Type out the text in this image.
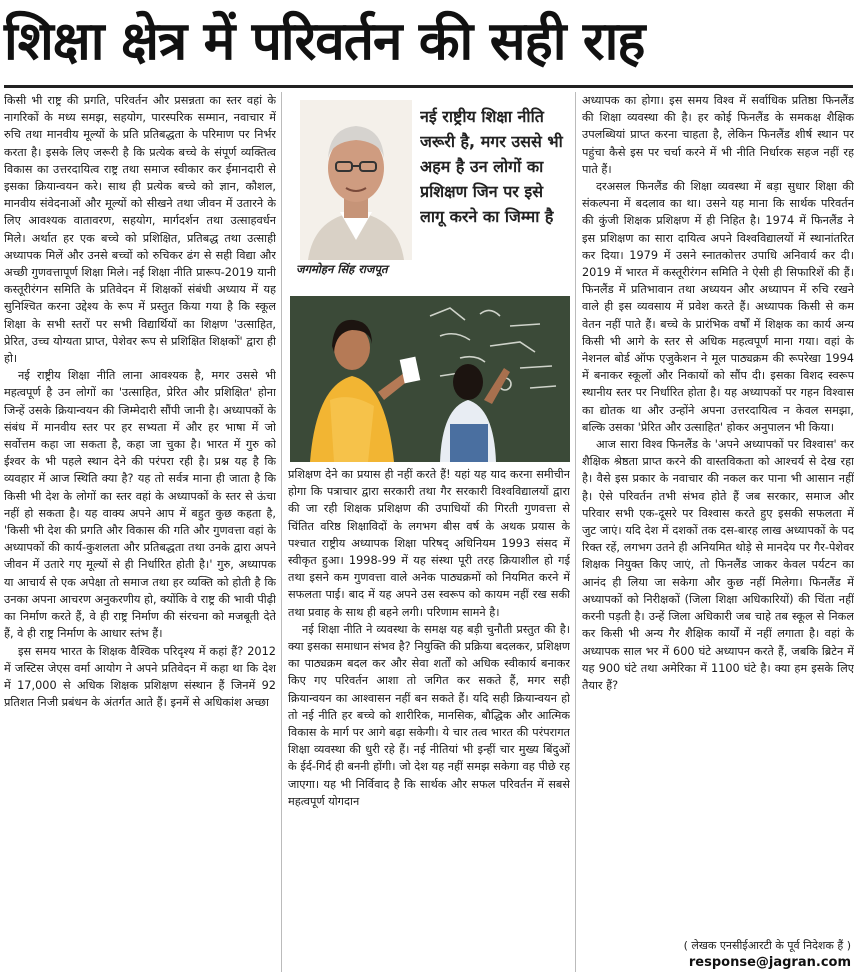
शिक्षा क्षेत्र में परिवर्तन की सही राह

किसी भी राष्ट्र की प्रगति, परिवर्तन और प्रसन्नता का स्तर वहां के नागरिकों के मध्य समझ, सहयोग, पारस्परिक सम्मान, नवाचार में रुचि तथा मानवीय मूल्यों के प्रति प्रतिबद्धता के परिमाण पर निर्भर करता है। इसके लिए जरूरी है कि प्रत्येक बच्चे के संपूर्ण व्यक्तित्व विकास का उत्तरदायित्व राष्ट्र तथा समाज स्वीकार कर ईमानदारी से इसका क्रियान्वयन करे। साथ ही प्रत्येक बच्चे को ज्ञान, कौशल, मानवीय संवेदनाओं और मूल्यों को सीखने तथा जीवन में उतारने के लिए आवश्यक वातावरण, सहयोग, मार्गदर्शन तथा उत्साहवर्धन मिले। अर्थात हर एक बच्चे को प्रशिक्षित, प्रतिबद्ध तथा उत्साही अध्यापक मिलें और उनसे बच्चों को रुचिकर ढंग से सही विद्या और अच्छी गुणवत्तापूर्ण शिक्षा मिले। नई शिक्षा नीति प्रारूप-2019 यानी कस्तूरीरंगन समिति के प्रतिवेदन में शिक्षकों संबंधी अध्याय में यह सुनिश्चित करना उद्देश्य के रूप में प्रस्तुत किया गया है कि स्कूल शिक्षा के सभी स्तरों पर सभी विद्यार्थियों का शिक्षण 'उत्साहित, प्रेरित, उच्च योग्यता प्राप्त, पेशेवर रूप से प्रशिक्षित शिक्षकों' द्वारा ही हो।

नई राष्ट्रीय शिक्षा नीति लाना आवश्यक है, मगर उससे भी महत्वपूर्ण है उन लोगों का 'उत्साहित, प्रेरित और प्रशिक्षित' होना जिन्हें उसके क्रियान्वयन की जिम्मेदारी सौंपी जानी है। अध्यापकों के संबंध में मानवीय स्तर पर हर सभ्यता में और हर भाषा में जो सर्वोत्तम कहा जा सकता है, कहा जा चुका है। भारत में गुरु को ईश्वर के भी पहले स्थान देने की परंपरा रही है। प्रश्न यह है कि व्यवहार में आज स्थिति क्या है? यह तो सर्वत्र माना ही जाता है कि किसी भी देश के लोगों का स्तर वहां के अध्यापकों के स्तर से ऊंचा नहीं हो सकता है। यह वाक्य अपने आप में बहुत कुछ कहता है, 'किसी भी देश की प्रगति और विकास की गति और गुणवत्ता वहां के अध्यापकों की कार्य-कुशलता और प्रतिबद्धता तथा उनके द्वारा अपने जीवन में उतारे गए मूल्यों से ही निर्धारित होती है।' गुरु, अध्यापक या आचार्य से एक अपेक्षा तो समाज तथा हर व्यक्ति को होती है कि उनका अपना आचरण अनुकरणीय हो, क्योंकि वे राष्ट्र की भावी पीढ़ी का निर्माण करते हैं, वे ही राष्ट्र निर्माण की संरचना को मजबूती देते हैं, वे ही राष्ट्र निर्माण के आधार स्तंभ हैं।

इस समय भारत के शिक्षक वैश्विक परिदृश्य में कहां हैं? 2012 में जस्टिस जेएस वर्मा आयोग ने अपने प्रतिवेदन में कहा था कि देश में 17,000 से अधिक शिक्षक प्रशिक्षण संस्थान हैं जिनमें 92 प्रतिशत निजी प्रबंधन के अंतर्गत आते हैं। इनमें से अधिकांश अच्छा

जगमोहन सिंह राजपूत
नई राष्ट्रीय शिक्षा नीति जरूरी है, मगर उससे भी अहम है उन लोगों का प्रशिक्षण जिन पर इसे लागू करने का जिम्मा है

प्रशिक्षण देने का प्रयास ही नहीं करते हैं! यहां यह याद करना समीचीन होगा कि पत्राचार द्वारा सरकारी तथा गैर सरकारी विश्वविद्यालयों द्वारा की जा रही शिक्षक प्रशिक्षण की उपाधियों की गिरती गुणवत्ता से चिंतित वरिष्ठ शिक्षाविदों के लगभग बीस वर्ष के अथक प्रयास के पश्चात राष्ट्रीय अध्यापक शिक्षा परिषद् अधिनियम 1993 संसद में स्वीकृत हुआ। 1998-99 में यह संस्था पूरी तरह क्रियाशील हो गई तथा इसने कम गुणवत्ता वाले अनेक पाठ्यक्रमों को नियमित करने में सफलता पाई। बाद में यह अपने उस स्वरूप को कायम नहीं रख सकी तथा प्रवाह के साथ ही बहने लगी। परिणाम सामने है।

नई शिक्षा नीति ने व्यवस्था के समक्ष यह बड़ी चुनौती प्रस्तुत की है। क्या इसका समाधान संभव है? नियुक्ति की प्रक्रिया बदलकर, प्रशिक्षण का पाठ्यक्रम बदल कर और सेवा शर्तों को अधिक स्वीकार्य बनाकर किए गए परिवर्तन आशा तो जगित कर सकते हैं, मगर सही क्रियान्वयन का आश्वासन नहीं बन सकते हैं। यदि सही क्रियान्वयन हो तो नई नीति हर बच्चे को शारीरिक, मानसिक, बौद्धिक और आत्मिक विकास के मार्ग पर आगे बढ़ा सकेगी। ये चार तत्व भारत की परंपरागत शिक्षा व्यवस्था की धुरी रहे हैं। नई नीतियां भी इन्हीं चार मुख्य बिंदुओं के ईर्द-गिर्द ही बननी होंगी। जो देश यह नहीं समझ सकेगा वह पीछे रह जाएगा। यह भी निर्विवाद है कि सार्थक और सफल परिवर्तन में सबसे महत्वपूर्ण योगदान

अध्यापक का होगा। इस समय विश्व में सर्वाधिक प्रतिष्ठा फिनलैंड की शिक्षा व्यवस्था की है। हर कोई फिनलैंड के समकक्ष शैक्षिक उपलब्धियां प्राप्त करना चाहता है, लेकिन फिनलैंड शीर्ष स्थान पर पहुंचा कैसे इस पर चर्चा करने में भी नीति निर्धारक सहज नहीं रह पाते हैं।

दरअसल फिनलैंड की शिक्षा व्यवस्था में बड़ा सुधार शिक्षा की संकल्पना में बदलाव का था। उसने यह माना कि सार्थक परिवर्तन की कुंजी शिक्षक प्रशिक्षण में ही निहित है। 1974 में फिनलैंड ने इस प्रशिक्षण का सारा दायित्व अपने विश्वविद्यालयों में स्थानांतरित कर दिया। 1979 में उसने स्नातकोत्तर उपाधि अनिवार्य कर दी। 2019 में भारत में कस्तूरीरंगन समिति ने ऐसी ही सिफारिशें की हैं। फिनलैंड में प्रतिभावान तथा अध्ययन और अध्यापन में रुचि रखने वाले ही इस व्यवसाय में प्रवेश करते हैं। अध्यापक किसी से कम वेतन नहीं पाते हैं। बच्चे के प्रारंभिक वर्षों में शिक्षक का कार्य अन्य किसी भी आगे के स्तर से अधिक महत्वपूर्ण माना गया। वहां के नेशनल बोर्ड ऑफ एजुकेशन ने मूल पाठ्यक्रम की रूपरेखा 1994 में बनाकर स्कूलों और निकायों को सौंप दी। इसका विशद स्वरूप स्थानीय स्तर पर निर्धारित होता है। यह अध्यापकों पर गहन विश्वास का द्योतक था और उन्होंने अपना उत्तरदायित्व न केवल समझा, बल्कि उसका 'प्रेरित और उत्साहित' होकर अनुपालन भी किया।

आज सारा विश्व फिनलैंड के 'अपने अध्यापकों पर विश्वास' कर शैक्षिक श्रेष्ठता प्राप्त करने की वास्तविकता को आश्चर्य से देख रहा है। वैसे इस प्रकार के नवाचार की नकल कर पाना भी आसान नहीं है। ऐसे परिवर्तन तभी संभव होते हैं जब सरकार, समाज और परिवार सभी एक-दूसरे पर विश्वास करते हुए इसकी सफलता में जुट जाएं। यदि देश में दशकों तक दस-बारह लाख अध्यापकों के पद रिक्त रहें, लगभग उतने ही अनियमित थोड़े से मानदेय पर गैर-पेशेवर शिक्षक नियुक्त किए जाएं, तो फिनलैंड जाकर केवल पर्यटन का आनंद ही लिया जा सकेगा और कुछ नहीं मिलेगा। फिनलैंड में अध्यापकों को निरीक्षकों (जिला शिक्षा अधिकारियों) की चिंता नहीं करनी पड़ती है। उन्हें जिला अधिकारी जब चाहे तब स्कूल से निकल कर किसी भी अन्य गैर शैक्षिक कार्यों में नहीं लगाता है। वहां के अध्यापक साल भर में 600 घंटे अध्यापन करते हैं, जबकि ब्रिटेन में यह 900 घंटे तथा अमेरिका में 1100 घंटे है। क्या हम इसके लिए तैयार हैं?

( लेखक एनसीईआरटी के पूर्व निदेशक हैं )
response@jagran.com
